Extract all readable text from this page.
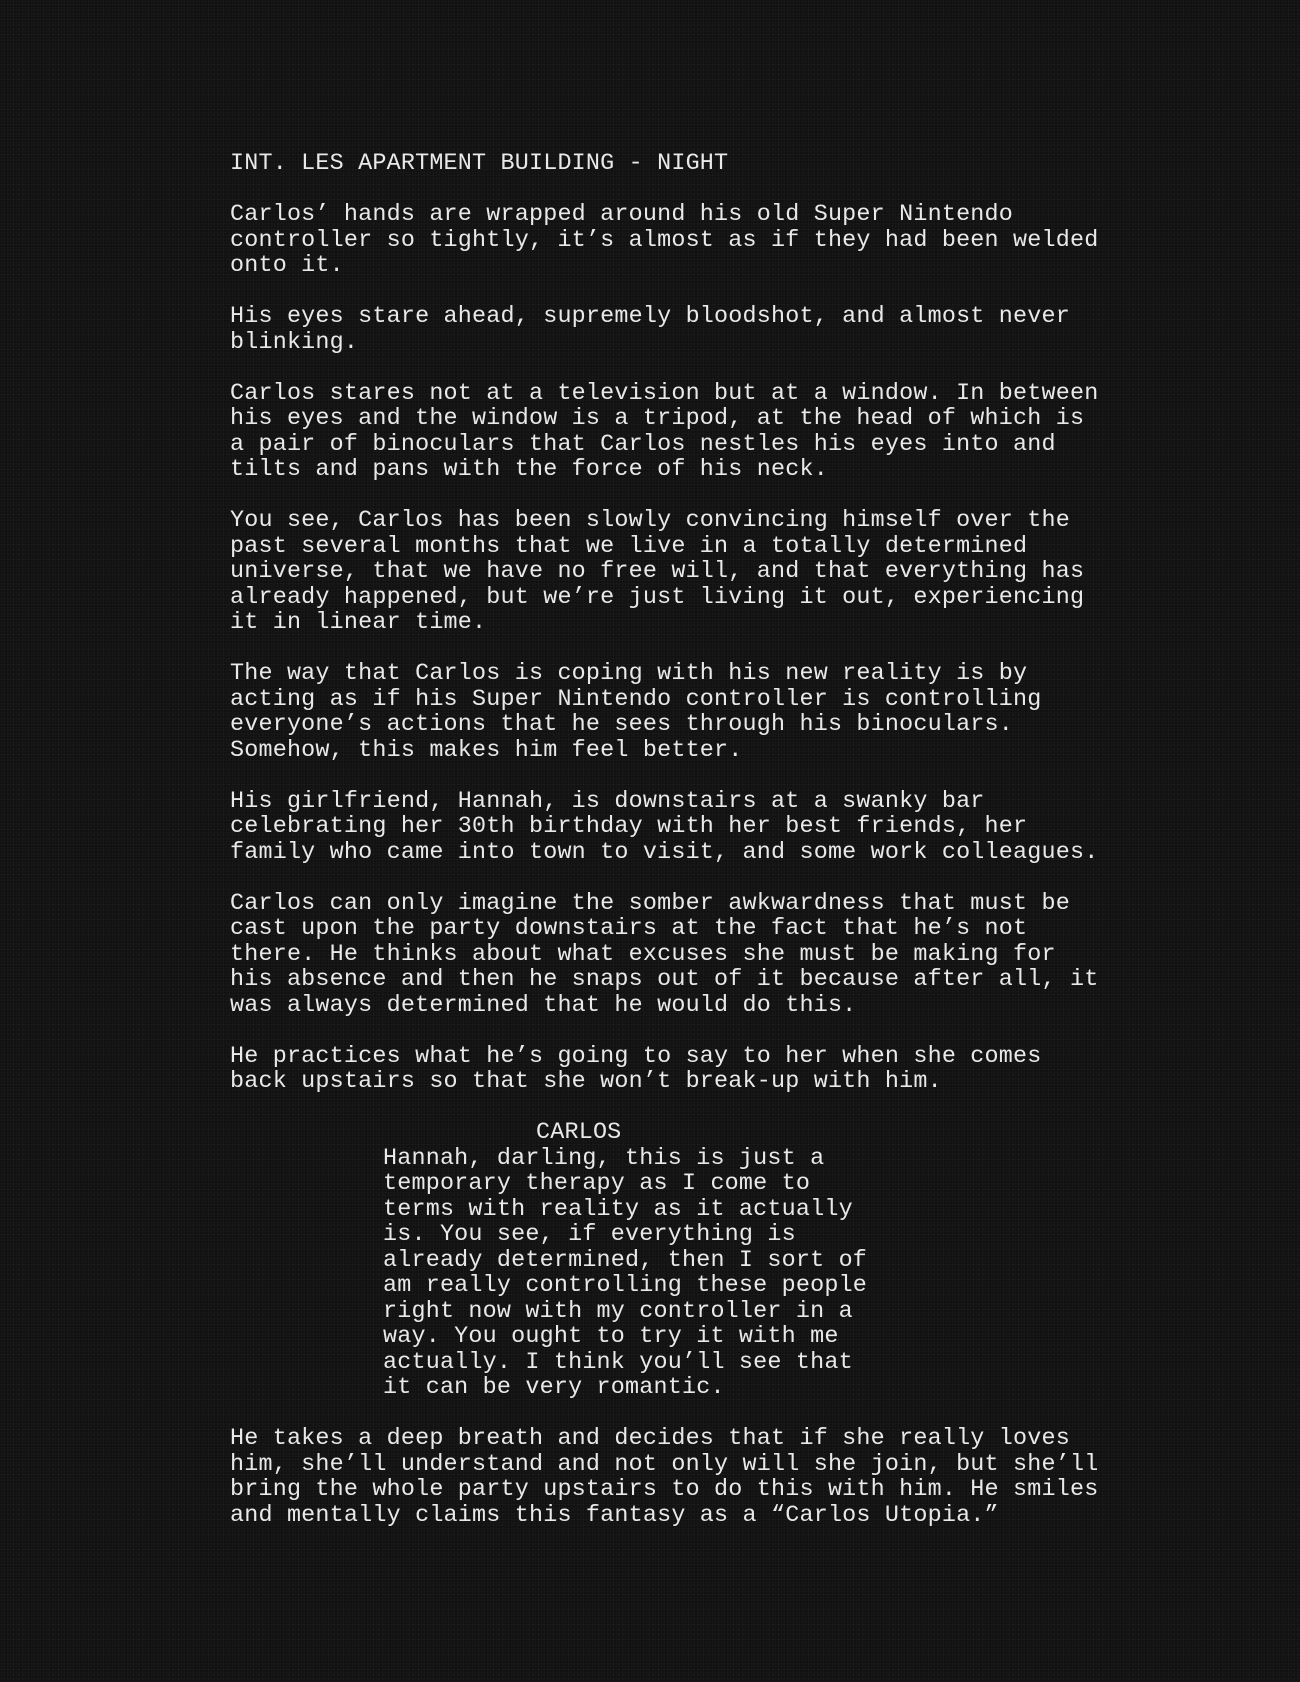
INT. LES APARTMENT BUILDING - NIGHT
Carlos’ hands are wrapped around his old Super Nintendo
controller so tightly, it’s almost as if they had been welded
onto it.
His eyes stare ahead, supremely bloodshot, and almost never
blinking.
Carlos stares not at a television but at a window. In between
his eyes and the window is a tripod, at the head of which is
a pair of binoculars that Carlos nestles his eyes into and
tilts and pans with the force of his neck.
You see, Carlos has been slowly convincing himself over the
past several months that we live in a totally determined
universe, that we have no free will, and that everything has
already happened, but we’re just living it out, experiencing
it in linear time.
The way that Carlos is coping with his new reality is by
acting as if his Super Nintendo controller is controlling
everyone’s actions that he sees through his binoculars.
Somehow, this makes him feel better.
His girlfriend, Hannah, is downstairs at a swanky bar
celebrating her 30th birthday with her best friends, her
family who came into town to visit, and some work colleagues.
Carlos can only imagine the somber awkwardness that must be
cast upon the party downstairs at the fact that he’s not
there. He thinks about what excuses she must be making for
his absence and then he snaps out of it because after all, it
was always determined that he would do this.
He practices what he’s going to say to her when she comes
back upstairs so that she won’t break-up with him.
CARLOS
Hannah, darling, this is just a
temporary therapy as I come to
terms with reality as it actually
is. You see, if everything is
already determined, then I sort of
am really controlling these people
right now with my controller in a
way. You ought to try it with me
actually. I think you’ll see that
it can be very romantic.
He takes a deep breath and decides that if she really loves
him, she’ll understand and not only will she join, but she’ll
bring the whole party upstairs to do this with him. He smiles
and mentally claims this fantasy as a “Carlos Utopia.”
